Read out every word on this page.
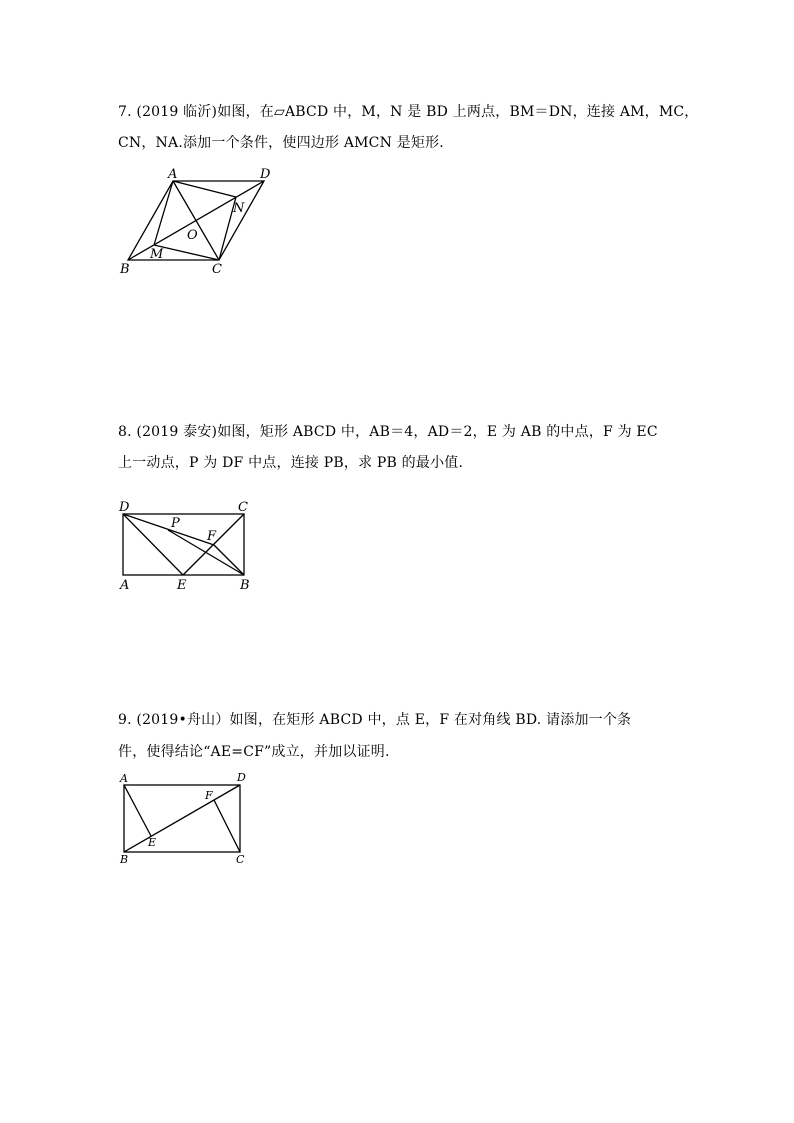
7. (2019 临沂)如图，在▱ABCD 中，M，N 是 BD 上两点，BM＝DN，连接 AM，MC，
CN，NA.添加一个条件，使四边形 AMCN 是矩形.
8. (2019 泰安)如图，矩形 ABCD 中，AB＝4，AD＝2，E 为 AB 的中点，F 为 EC
上一动点，P 为 DF 中点，连接 PB，求 PB 的最小值.
9. (2019•舟山）如图，在矩形 ABCD 中，点 E，F 在对角线 BD. 请添加一个条
件，使得结论“AE=CF”成立，并加以证明.
A	D
N
O
M
B	C
D	C
P
F
A	E	B
A	D
F
E
B	C
